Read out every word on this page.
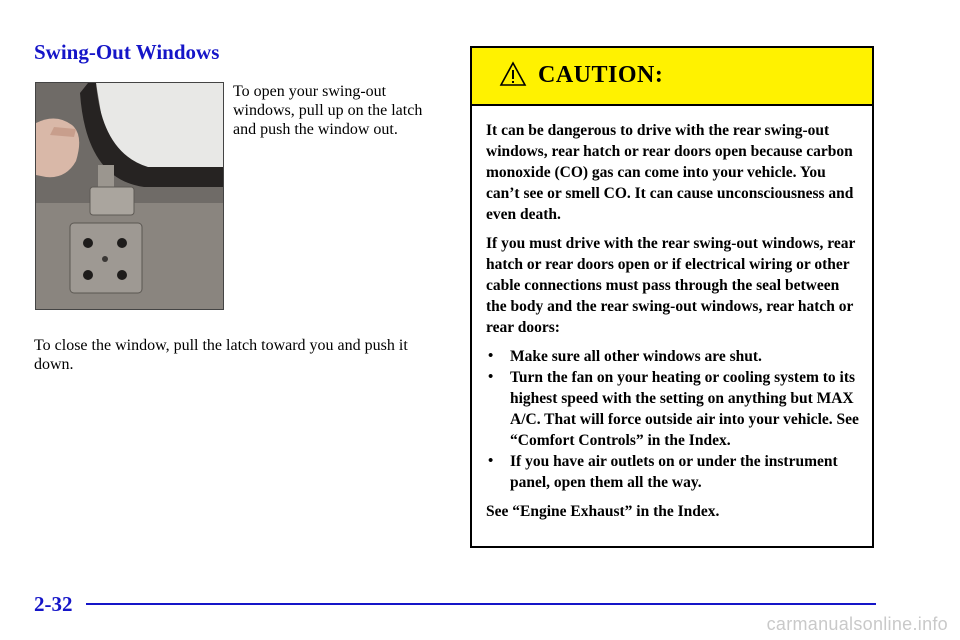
Swing-Out Windows

To open your swing-out windows, pull up on the latch and push the window out.

To close the window, pull the latch toward you and push it down.

CAUTION:

It can be dangerous to drive with the rear swing-out windows, rear hatch or rear doors open because carbon monoxide (CO) gas can come into your vehicle. You can’t see or smell CO. It can cause unconsciousness and even death.

If you must drive with the rear swing-out windows, rear hatch or rear doors open or if electrical wiring or other cable connections must pass through the seal between the body and the rear swing-out windows, rear hatch or rear doors:

• Make sure all other windows are shut.
• Turn the fan on your heating or cooling system to its highest speed with the setting on anything but MAX A/C. That will force outside air into your vehicle. See “Comfort Controls” in the Index.
• If you have air outlets on or under the instrument panel, open them all the way.

See “Engine Exhaust” in the Index.

2-32

carmanualsonline.info
